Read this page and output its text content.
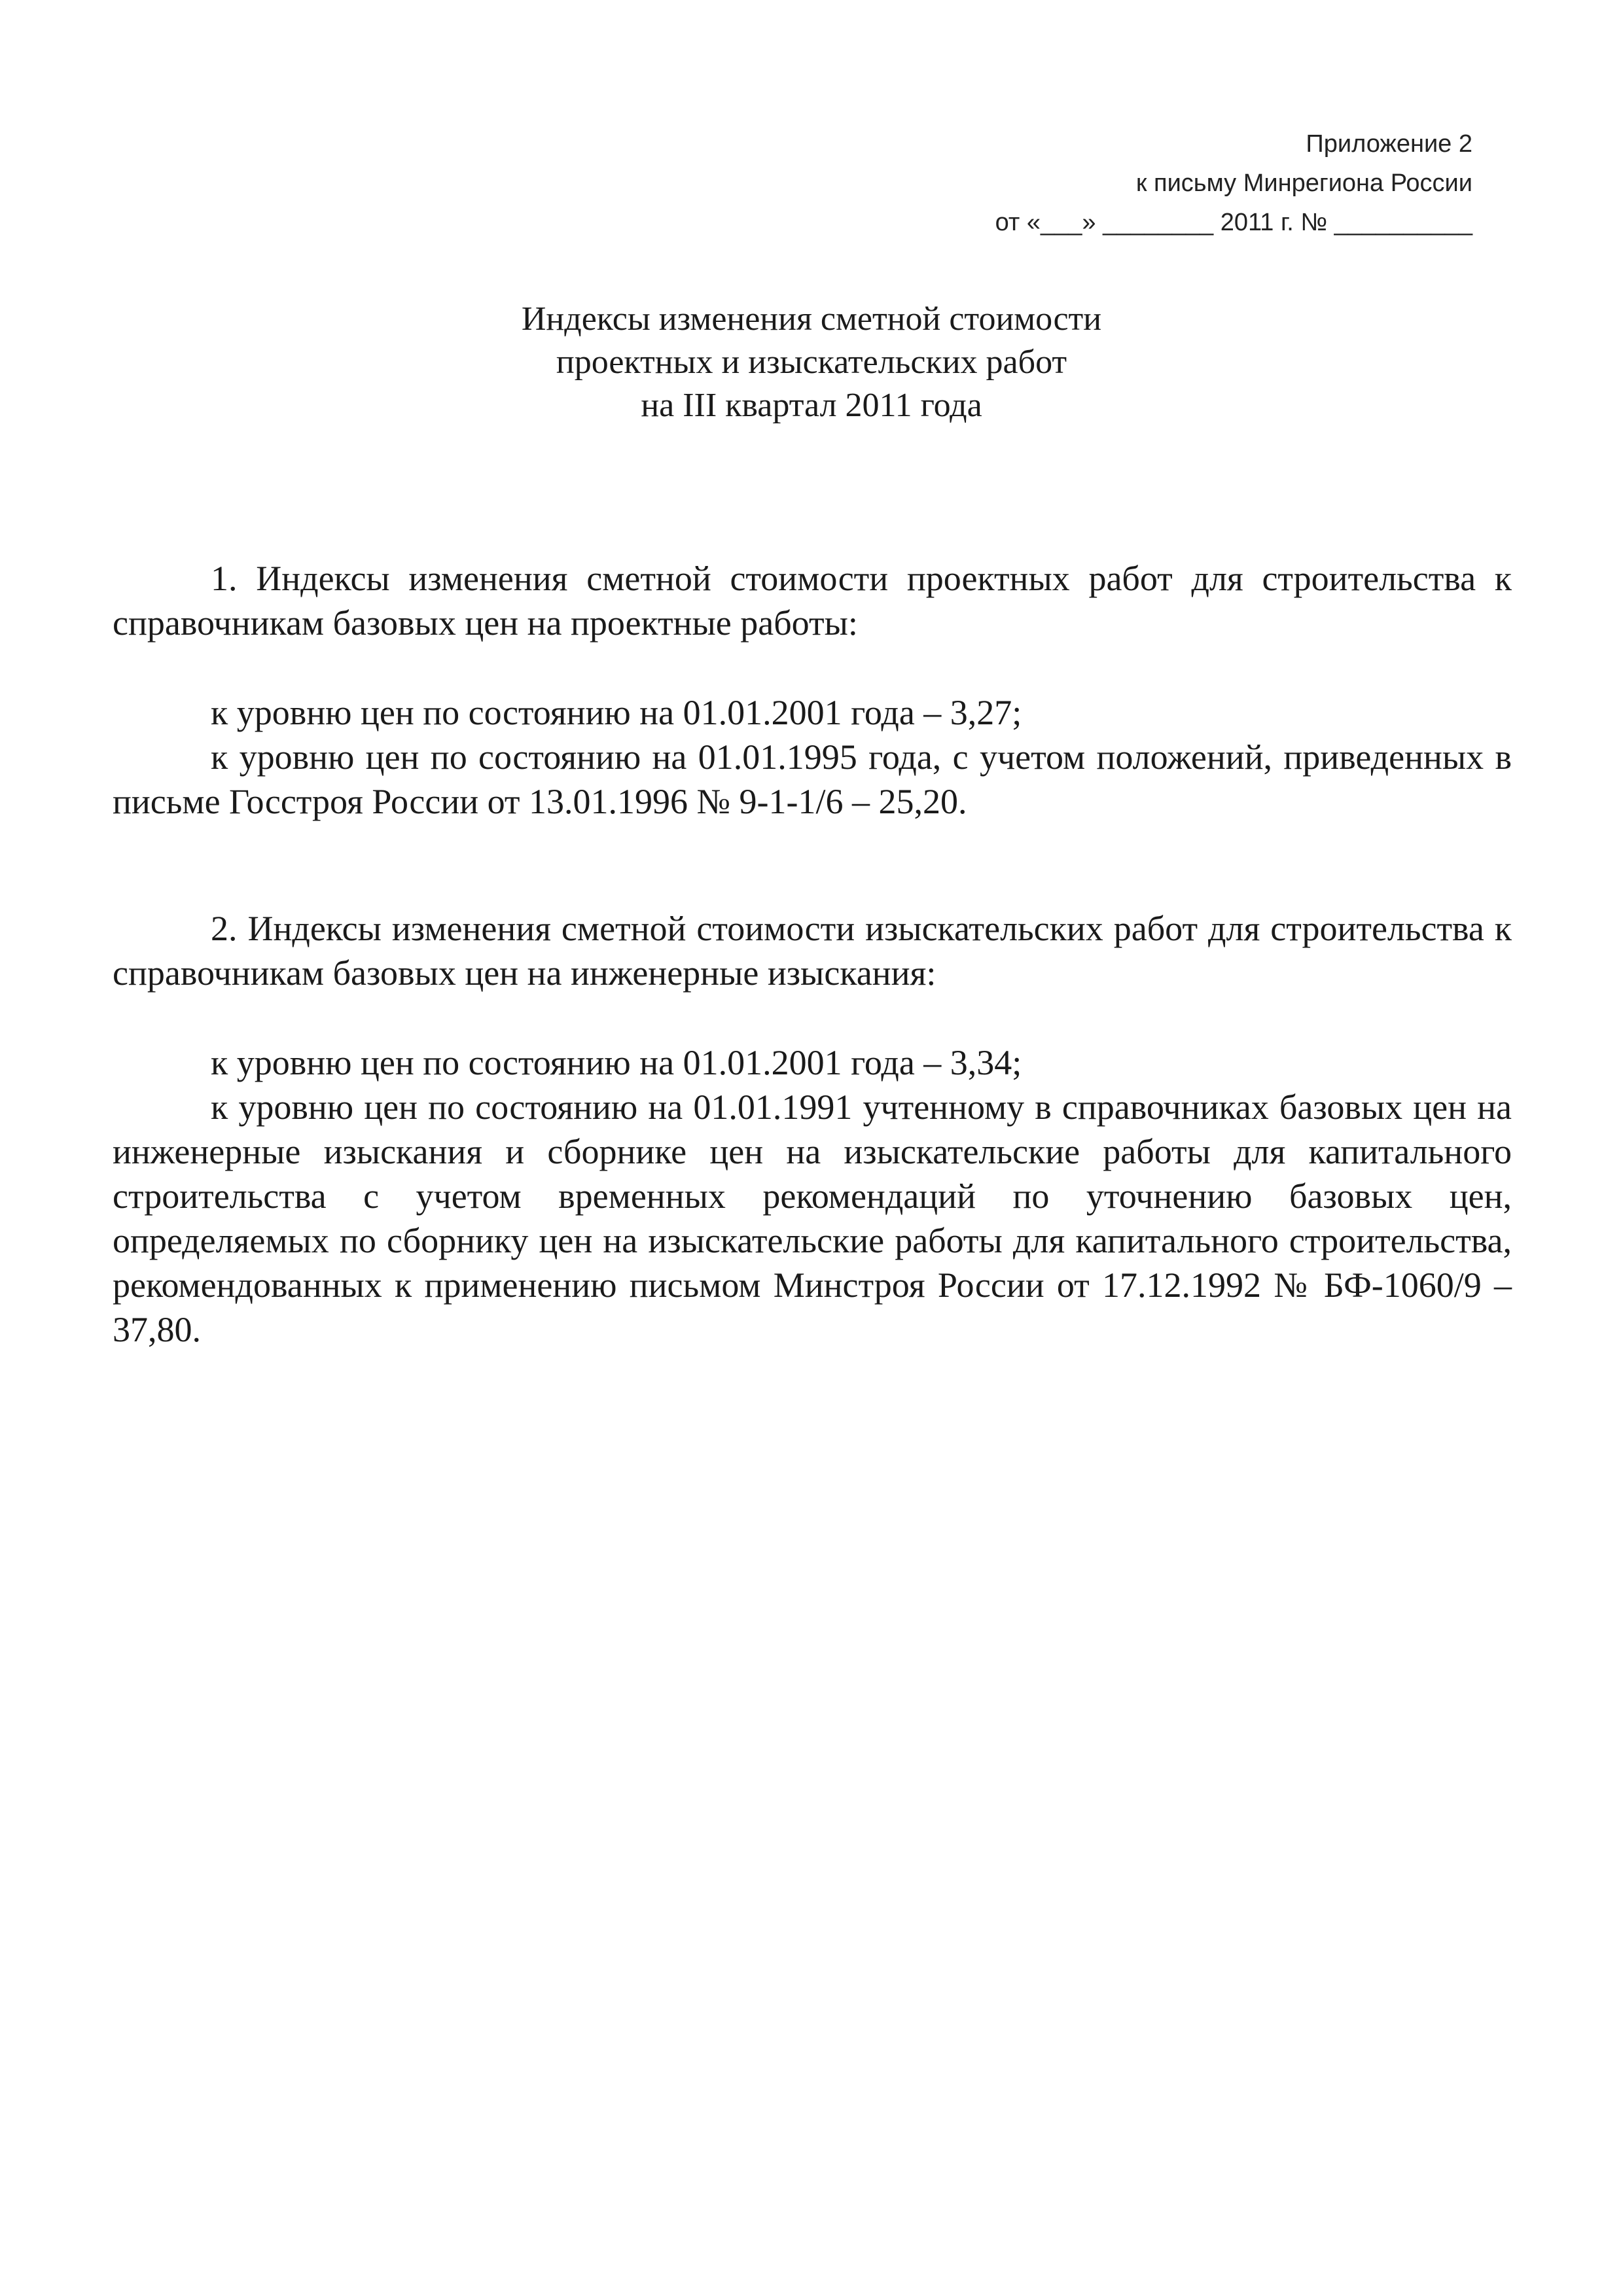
Приложение 2
к письму Минрегиона России
от «___» ________ 2011 г. № __________
Индексы изменения сметной стоимости
проектных и изыскательских работ
на III квартал 2011 года

1. Индексы изменения сметной стоимости проектных работ для строительства к справочникам базовых цен на проектные работы:

к уровню цен по состоянию на 01.01.2001 года – 3,27;

к уровню цен по состоянию на 01.01.1995 года, с учетом положений, приведенных в письме Госстроя России от 13.01.1996 № 9-1-1/6 – 25,20.

2. Индексы изменения сметной стоимости изыскательских работ для строительства к справочникам базовых цен на инженерные изыскания:

к уровню цен по состоянию на 01.01.2001 года – 3,34;

к уровню цен по состоянию на 01.01.1991 учтенному в справочниках базовых цен на инженерные изыскания и сборнике цен на изыскательские работы для капитального строительства с учетом временных рекомендаций по уточнению базовых цен, определяемых по сборнику цен на изыскательские работы для капитального строительства, рекомендованных к применению письмом Минстроя России от 17.12.1992 № БФ-1060/9 – 37,80.
